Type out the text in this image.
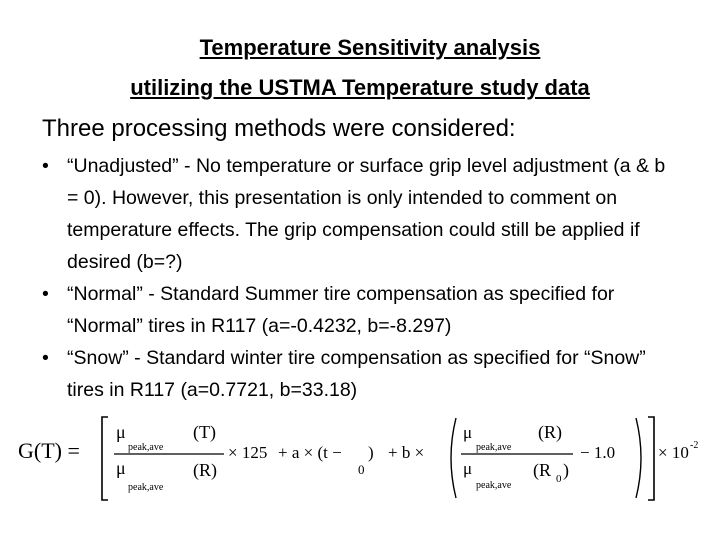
Temperature Sensitivity analysis
utilizing the USTMA Temperature study data
Three processing methods were considered:
• “Unadjusted” - No temperature or surface grip level adjustment (a & b = 0). However, this presentation is only intended to comment on temperature effects. The grip compensation could still be applied if desired (b=?)
• “Normal” - Standard Summer tire compensation as specified for “Normal” tires in R117 (a=-0.4232, b=-8.297)
• “Snow” - Standard winter tire compensation as specified for “Snow” tires in R117 (a=0.7721, b=33.18)
G(T) =
μ
peak,ave
(T)
μ
peak,ave
(R)
× 125 + a × (t −
0
) + b ×
μ
peak,ave
(R)
μ
peak,ave
(R 0 )
− 1.0	× 10 -2
